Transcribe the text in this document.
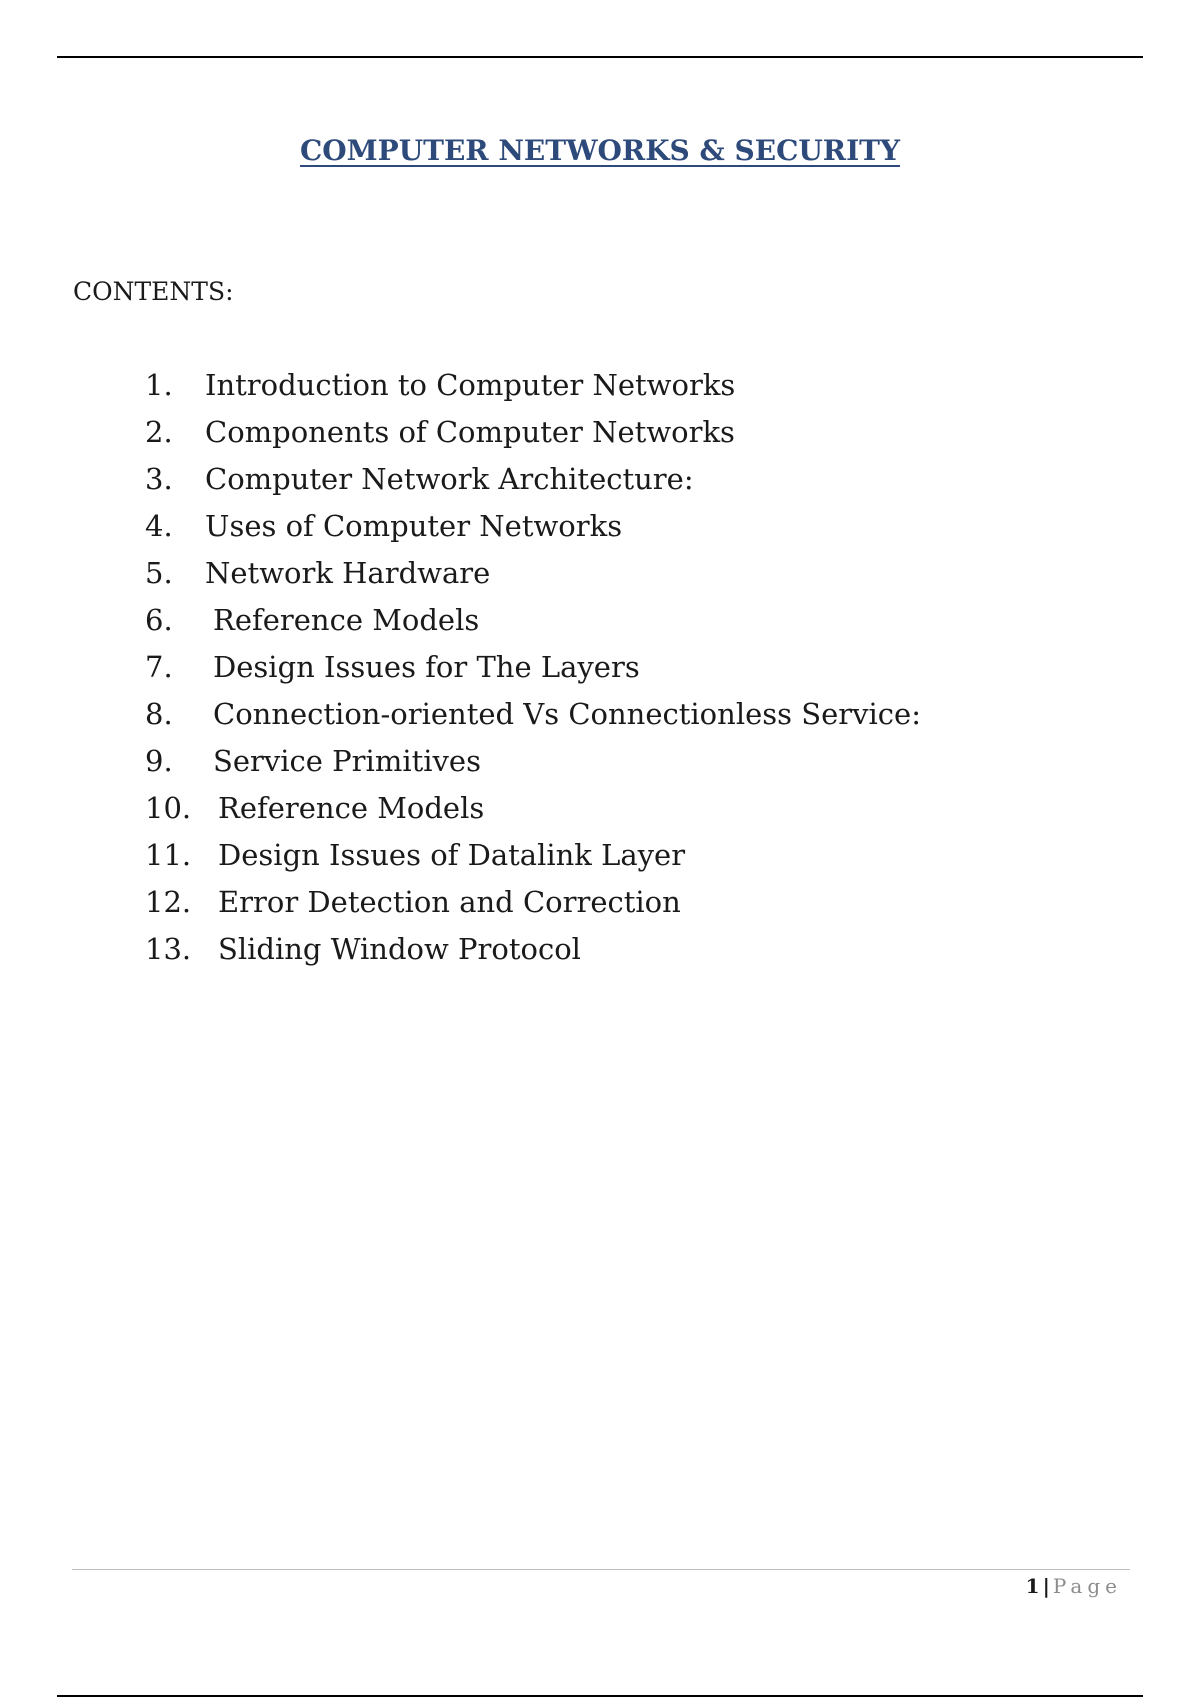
COMPUTER NETWORKS & SECURITY
CONTENTS:
1.	Introduction to Computer Networks
2.	Components of Computer Networks
3.	Computer Network Architecture:
4.	Uses of Computer Networks
5.	Network Hardware
6.	Reference Models
7.	Design Issues for The Layers
8.	Connection-oriented Vs Connectionless Service:
9.	Service Primitives
10. Reference Models
11. Design Issues of Datalink Layer
12. Error Detection and Correction
13. Sliding Window Protocol
1 | Page
